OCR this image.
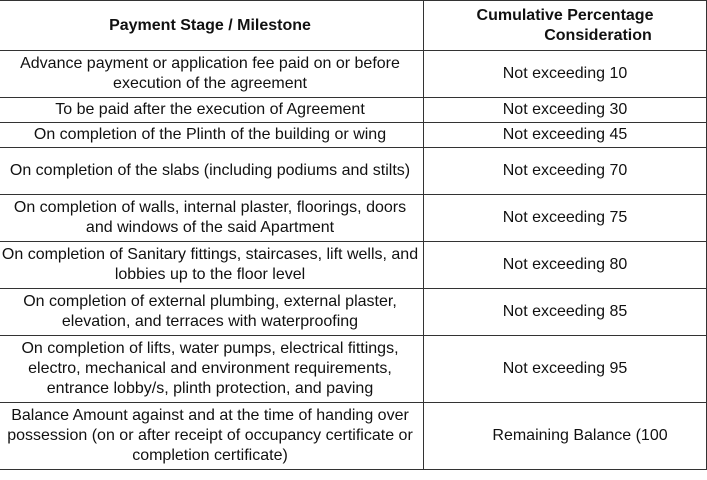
Payment Stage / Milestone	Cumulative Percentage
Consideration
Advance payment or application fee paid on or before execution of the agreement	Not exceeding 10
To be paid after the execution of Agreement	Not exceeding 30
On completion of the Plinth of the building or wing	Not exceeding 45
On completion of the slabs (including podiums and stilts)	Not exceeding 70
On completion of walls, internal plaster, floorings, doors and windows of the said Apartment	Not exceeding 75
On completion of Sanitary fittings, staircases, lift wells, and lobbies up to the floor level	Not exceeding 80
On completion of external plumbing, external plaster, elevation, and terraces with waterproofing	Not exceeding 85
On completion of lifts, water pumps, electrical fittings, electro, mechanical and environment requirements, entrance lobby/s, plinth protection, and paving	Not exceeding 95
Balance Amount against and at the time of handing over possession (on or after receipt of occupancy certificate or completion certificate)	Remaining Balance (100
